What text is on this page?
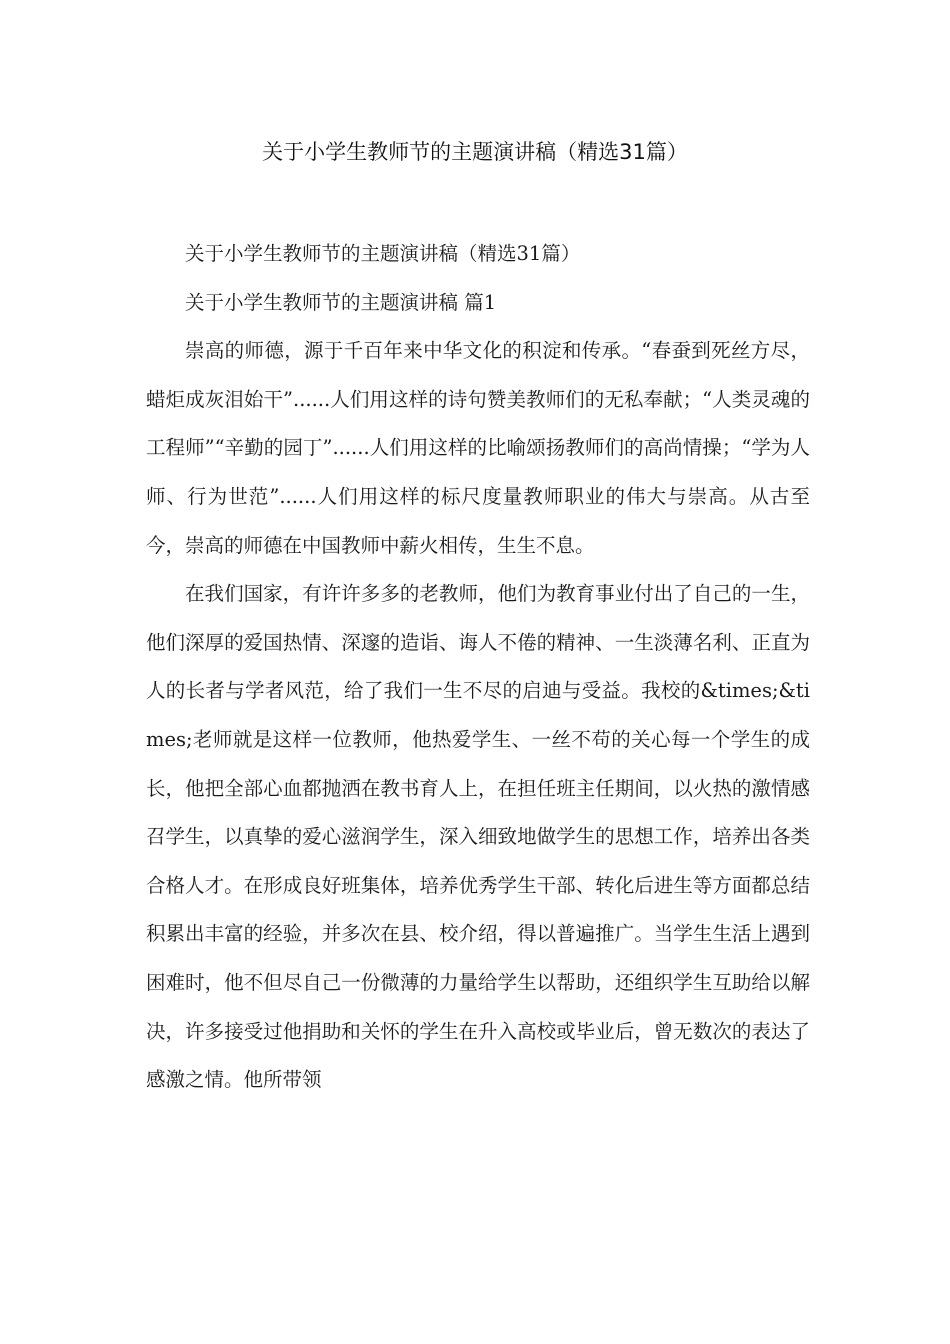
关于小学生教师节的主题演讲稿（精选31篇）

关于小学生教师节的主题演讲稿（精选31篇）

关于小学生教师节的主题演讲稿 篇1

崇高的师德，源于千百年来中华文化的积淀和传承。“春蚕到死丝方尽，蜡炬成灰泪始干”......人们用这样的诗句赞美教师们的无私奉献；“人类灵魂的工程师”“辛勤的园丁”......人们用这样的比喻颂扬教师们的高尚情操；“学为人师、行为世范”......人们用这样的标尺度量教师职业的伟大与崇高。从古至今，崇高的师德在中国教师中薪火相传，生生不息。

在我们国家，有许许多多的老教师，他们为教育事业付出了自己的一生，他们深厚的爱国热情、深邃的造诣、诲人不倦的精神、一生淡薄名利、正直为人的长者与学者风范，给了我们一生不尽的启迪与受益。我校的&times;&times;老师就是这样一位教师，他热爱学生、一丝不苟的关心每一个学生的成长，他把全部心血都抛洒在教书育人上，在担任班主任期间，以火热的激情感召学生，以真挚的爱心滋润学生，深入细致地做学生的思想工作，培养出各类合格人才。在形成良好班集体，培养优秀学生干部、转化后进生等方面都总结 积累出丰富的经验，并多次在县、校介绍，得以普遍推广。当学生生活上遇到困难时，他不但尽自己一份微薄的力量给学生以帮助，还组织学生互助给以解决，许多接受过他捐助和关怀的学生在升入高校或毕业后，曾无数次的表达了感激之情。他所带领
